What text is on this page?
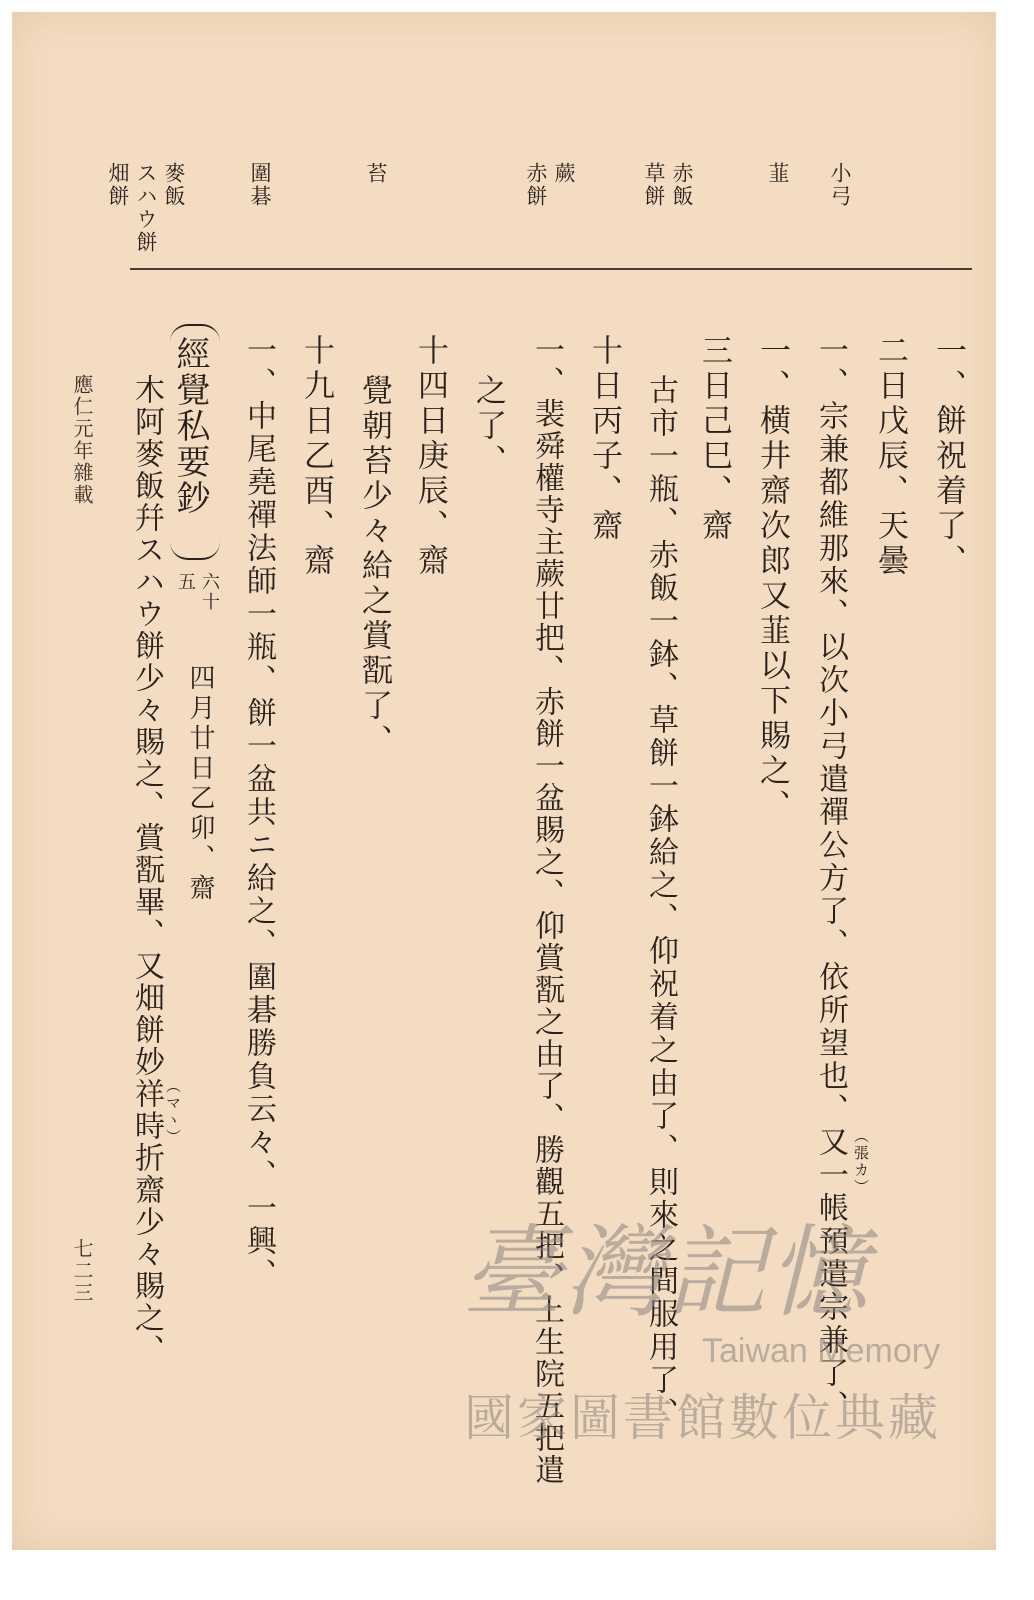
小弓
韮
赤飯
草餅
蕨
赤餅
苔
圍碁
麥飯
スハウ餅
畑餅
一、餅祝着了、
二日戊辰、天曇
一、宗兼都維那來、以次小弓遣禪公方了、依所望也、又一帳預遣宗兼了、
一、横井齋次郎又韮以下賜之、
三日己巳、齋
古市一瓶、赤飯一鉢、草餅一鉢給之、仰祝着之由了、則來之間服用了、
十日丙子、齋
一、裴舜權寺主蕨廿把、赤餅一盆賜之、仰賞翫之由了、勝觀五把、上生院五把遣
之了、
十四日庚辰、齋
覺朝苔少々給之賞翫了、
十九日乙酉、齋
一、中尾堯禪法師一瓶、餅一盆共ニ給之、圍碁勝負云々、一興、
經覺私要鈔
六十
五
四月廿日乙卯、齋
木阿麥飯幷スハウ餅少々賜之、賞翫畢、又畑餅妙祥時折齋少々賜之、	（張カ）
（マヽ）
應仁元年雜載
七二三	臺灣記憶
Taiwan Memory
國家圖書館數位典藏
